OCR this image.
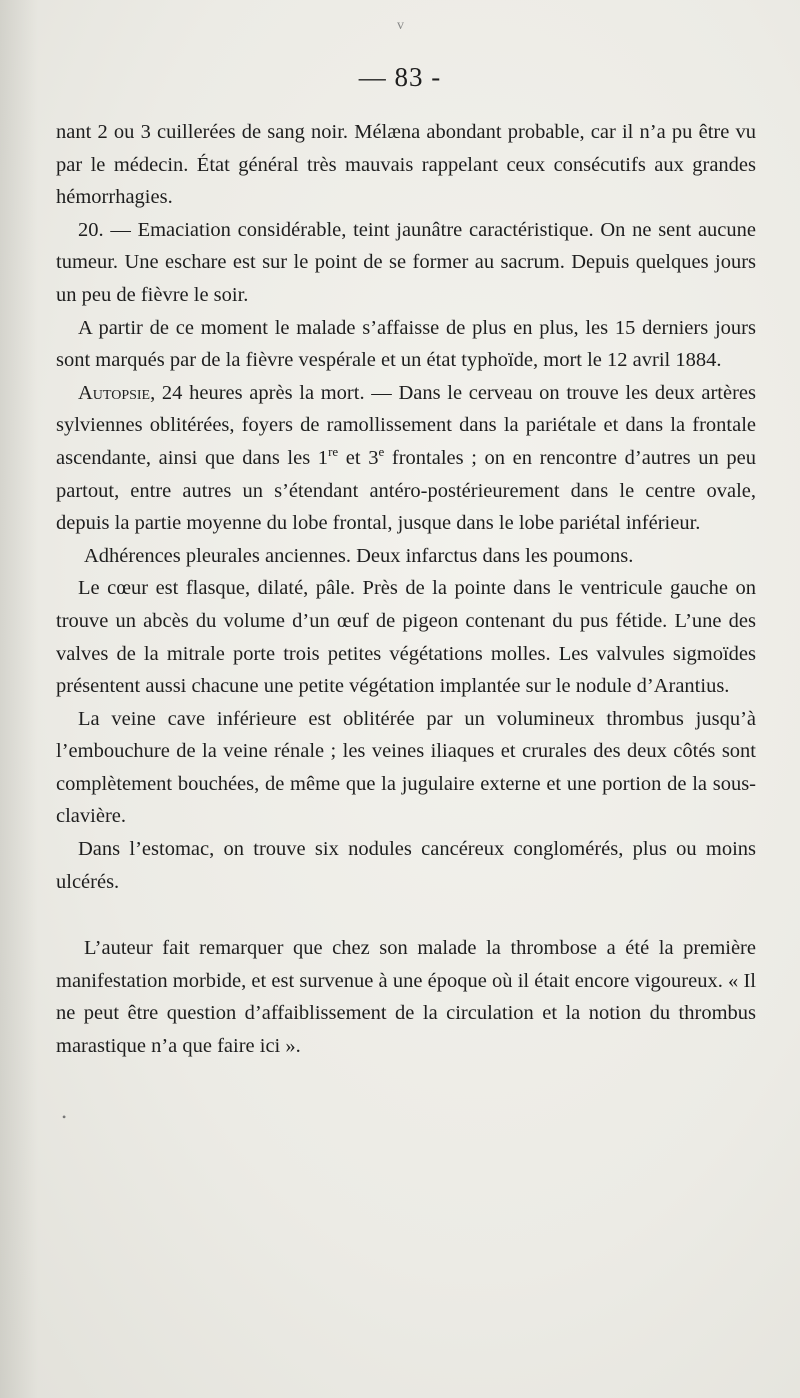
v
— 83 -

nant 2 ou 3 cuillerées de sang noir. Mélæna abondant probable, car il n’a pu être vu par le médecin. État général très mauvais rappelant ceux consécutifs aux grandes hémorrhagies.

20. — Emaciation considérable, teint jaunâtre caractéristique. On ne sent aucune tumeur. Une eschare est sur le point de se former au sacrum. Depuis quelques jours un peu de fièvre le soir.

A partir de ce moment le malade s’affaisse de plus en plus, les 15 derniers jours sont marqués par de la fièvre vespérale et un état typhoïde, mort le 12 avril 1884.

Autopsie, 24 heures après la mort. — Dans le cerveau on trouve les deux artères sylviennes oblitérées, foyers de ramollissement dans la pariétale et dans la frontale ascendante, ainsi que dans les 1re et 3e frontales ; on en rencontre d’autres un peu partout, entre autres un s’étendant antéro-postérieurement dans le centre ovale, depuis la partie moyenne du lobe frontal, jusque dans le lobe pariétal inférieur.

Adhérences pleurales anciennes. Deux infarctus dans les poumons.

Le cœur est flasque, dilaté, pâle. Près de la pointe dans le ventricule gauche on trouve un abcès du volume d’un œuf de pigeon contenant du pus fétide. L’une des valves de la mitrale porte trois petites végétations molles. Les valvules sigmoïdes présentent aussi chacune une petite végétation implantée sur le nodule d’Arantius.

La veine cave inférieure est oblitérée par un volumineux thrombus jusqu’à l’embouchure de la veine rénale ; les veines iliaques et crurales des deux côtés sont complètement bouchées, de même que la jugulaire externe et une portion de la sous-clavière.

Dans l’estomac, on trouve six nodules cancéreux conglomérés, plus ou moins ulcérés.

L’auteur fait remarquer que chez son malade la thrombose a été la première manifestation morbide, et est survenue à une époque où il était encore vigoureux. « Il ne peut être question d’affaiblissement de la circulation et la notion du thrombus marastique n’a que faire ici ».

•
